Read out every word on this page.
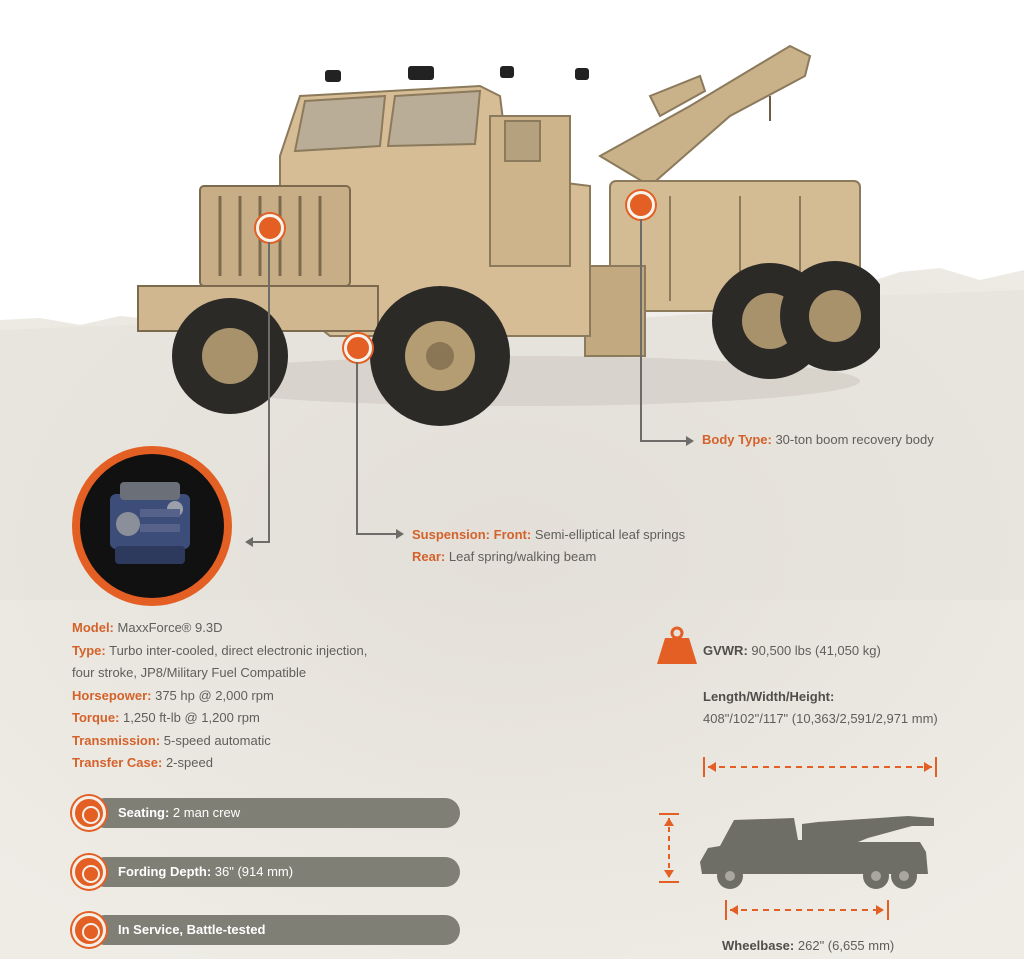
Body Type: 30-ton boom recovery body
Suspension: Front: Semi-elliptical leaf springs
Rear: Leaf spring/walking beam
Model: MaxxForce® 9.3D
Type: Turbo inter-cooled, direct electronic injection,
four stroke, JP8/Military Fuel Compatible
Horsepower: 375 hp @ 2,000 rpm
Torque: 1,250 ft-lb @ 1,200 rpm
Transmission: 5-speed automatic
Transfer Case: 2-speed
Seating: 2 man crew
Fording Depth: 36" (914 mm)
In Service, Battle-tested
GVWR: 90,500 lbs (41,050 kg)
Length/Width/Height:
408"/102"/117" (10,363/2,591/2,971 mm)
Wheelbase: 262" (6,655 mm)
